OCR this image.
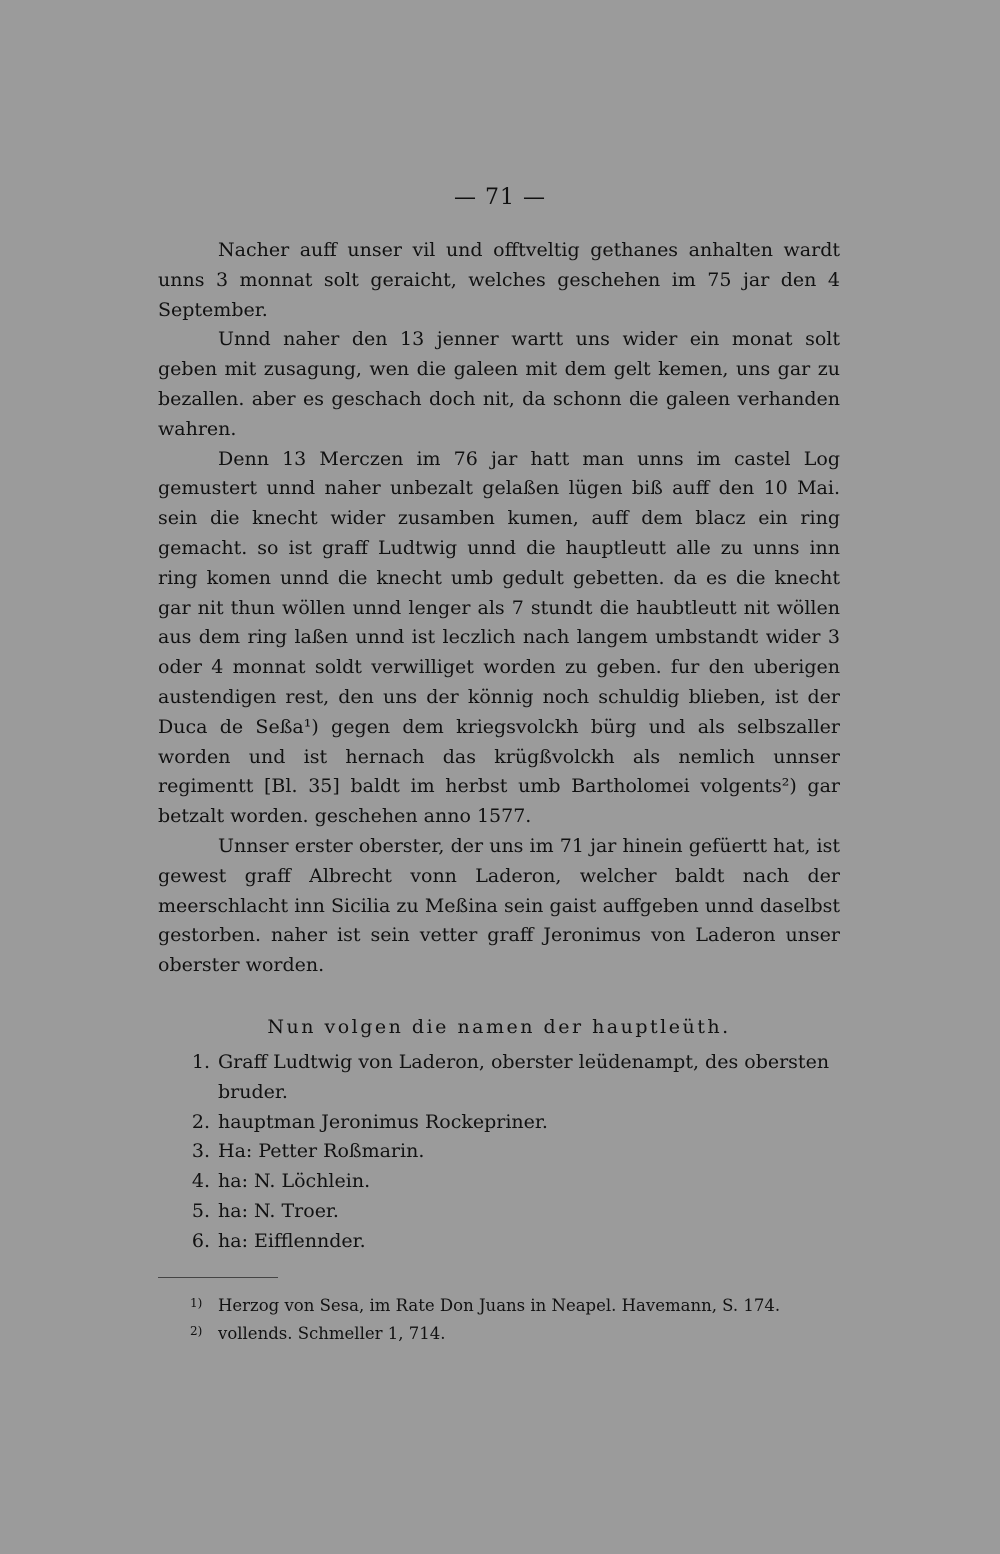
— 71 —

Nacher auff unser vil und offtveltig gethanes anhalten wardt unns 3 monnat solt geraicht, welches geschehen im 75 jar den 4 September.

Unnd naher den 13 jenner wartt uns wider ein monat solt geben mit zusagung, wen die galeen mit dem gelt kemen, uns gar zu bezallen. aber es geschach doch nit, da schonn die galeen verhanden wahren.

Denn 13 Merczen im 76 jar hatt man unns im castel Log gemustert unnd naher unbezalt gelaßen lügen biß auff den 10 Mai. sein die knecht wider zusamben kumen, auff dem blacz ein ring gemacht. so ist graff Ludtwig unnd die hauptleutt alle zu unns inn ring komen unnd die knecht umb gedult gebetten. da es die knecht gar nit thun wöllen unnd lenger als 7 stundt die haubtleutt nit wöllen aus dem ring laßen unnd ist leczlich nach langem umbstandt wider 3 oder 4 monnat soldt verwilliget worden zu geben. fur den uberigen austendigen rest, den uns der könnig noch schuldig blieben, ist der Duca de Seßa¹) gegen dem kriegsvolckh bürg und als selbszaller worden und ist hernach das krügßvolckh als nemlich unnser regimentt [Bl. 35] baldt im herbst umb Bartholomei volgents²) gar betzalt worden. geschehen anno 1577.

Unnser erster oberster, der uns im 71 jar hinein gefüertt hat, ist gewest graff Albrecht vonn Laderon, welcher baldt nach der meerschlacht inn Sicilia zu Meßina sein gaist auffgeben unnd daselbst gestorben. naher ist sein vetter graff Jeronimus von Laderon unser oberster worden.

Nun volgen die namen der hauptleüth.
1. Graff Ludtwig von Laderon, oberster leüdenampt, des obersten bruder.
2. hauptman Jeronimus Rockepriner.
3. Ha: Petter Roßmarin.
4. ha: N. Löchlein.
5. ha: N. Troer.
6. ha: Eifflennder.
1) Herzog von Sesa, im Rate Don Juans in Neapel. Havemann, S. 174.
2) vollends. Schmeller 1, 714.
